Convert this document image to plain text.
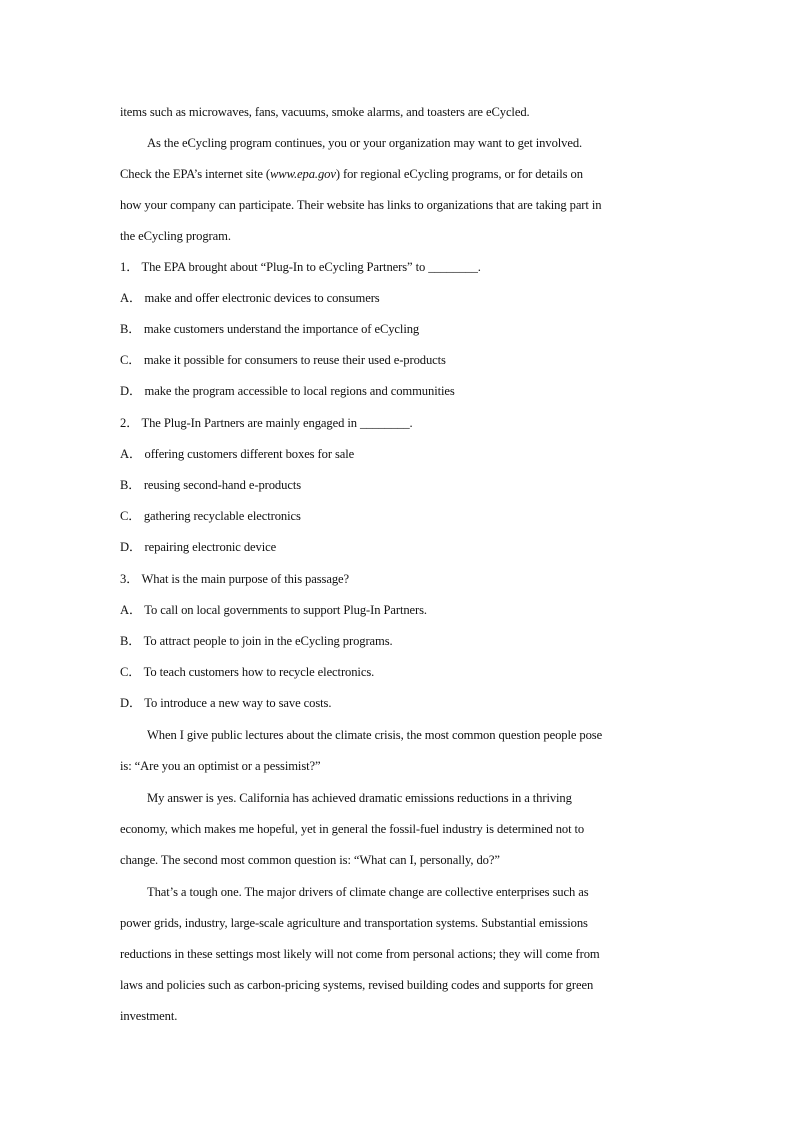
items such as microwaves, fans, vacuums, smoke alarms, and toasters are eCycled.
As the eCycling program continues, you or your organization may want to get involved.
Check the EPA’s internet site (www.epa.gov) for regional eCycling programs, or for details on
how your company can participate. Their website has links to organizations that are taking part in
the eCycling program.
1． The EPA brought about “Plug-In to eCycling Partners” to ________.
A． make and offer electronic devices to consumers
B． make customers understand the importance of eCycling
C． make it possible for consumers to reuse their used e-products
D． make the program accessible to local regions and communities
2． The Plug-In Partners are mainly engaged in ________.
A． offering customers different boxes for sale
B． reusing second-hand e-products
C． gathering recyclable electronics
D． repairing electronic device
3． What is the main purpose of this passage?
A． To call on local governments to support Plug-In Partners.
B． To attract people to join in the eCycling programs.
C． To teach customers how to recycle electronics.
D． To introduce a new way to save costs.
When I give public lectures about the climate crisis, the most common question people pose
is: “Are you an optimist or a pessimist?”
My answer is yes. California has achieved dramatic emissions reductions in a thriving
economy, which makes me hopeful, yet in general the fossil-fuel industry is determined not to
change. The second most common question is: “What can I, personally, do?”
That’s a tough one. The major drivers of climate change are collective enterprises such as
power grids, industry, large-scale agriculture and transportation systems. Substantial emissions
reductions in these settings most likely will not come from personal actions; they will come from
laws and policies such as carbon-pricing systems, revised building codes and supports for green
investment.
